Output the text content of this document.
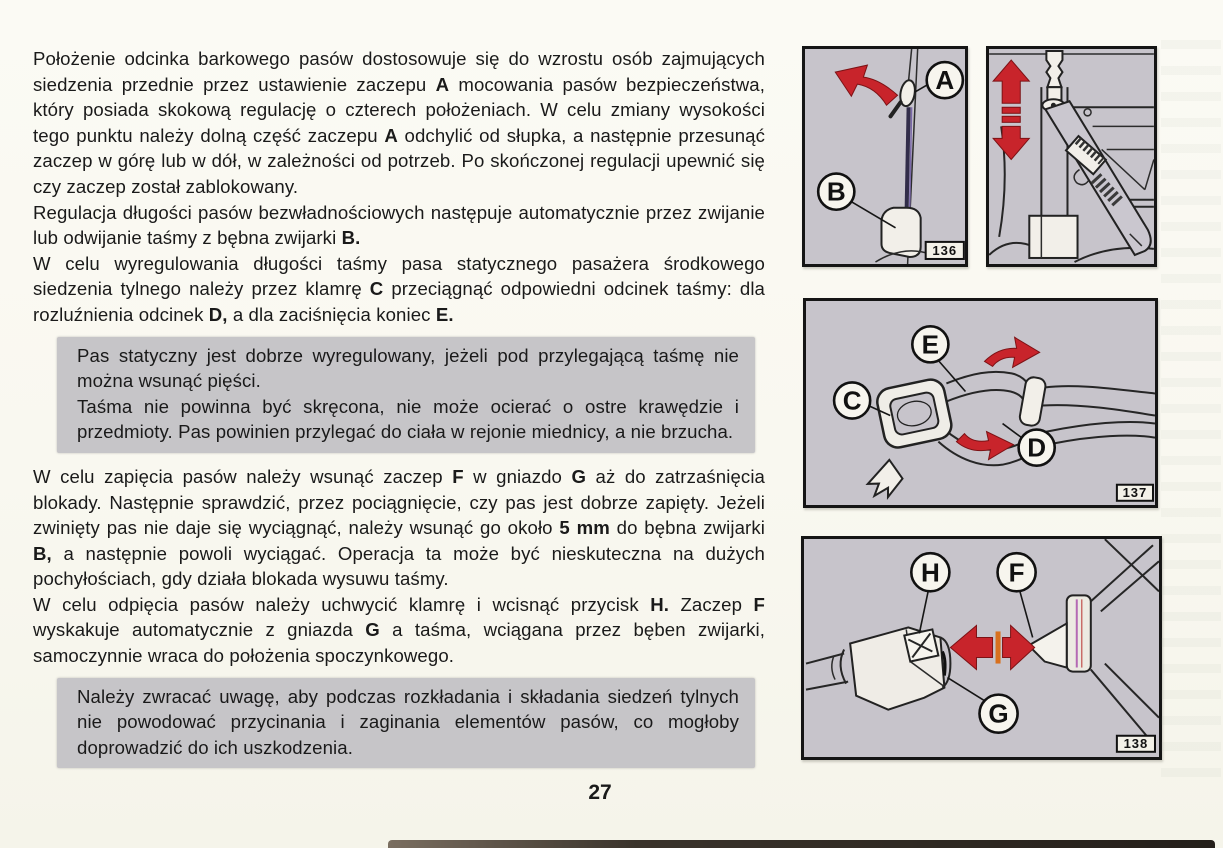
Położenie odcinka barkowego pasów dostosowuje się do wzrostu osób zajmujących siedzenia przednie przez ustawienie zaczepu A mocowania pasów bezpieczeństwa, który posiada skokową regulację o czterech położeniach. W celu zmiany wysokości tego punktu należy dolną część zaczepu A odchylić od słupka, a następnie przesunąć zaczep w górę lub w dół, w zależności od potrzeb. Po skończonej regulacji upewnić się czy zaczep został zablokowany.

Regulacja długości pasów bezwładnościowych następuje automatycznie przez zwijanie lub odwijanie taśmy z bębna zwijarki B.

W celu wyregulowania długości taśmy pasa statycznego pasażera środkowego siedzenia tylnego należy przez klamrę C przeciągnąć odpowiedni odcinek taśmy: dla rozluźnienia odcinek D, a dla zaciśnięcia koniec E.

Pas statyczny jest dobrze wyregulowany, jeżeli pod przylegającą taśmę nie można wsunąć pięści.

Taśma nie powinna być skręcona, nie może ocierać o ostre krawędzie i przedmioty. Pas powinien przylegać do ciała w rejonie miednicy, a nie brzucha.

W celu zapięcia pasów należy wsunąć zaczep F w gniazdo G aż do zatrzaśnięcia blokady. Następnie sprawdzić, przez pociągnięcie, czy pas jest dobrze zapięty. Jeżeli zwinięty pas nie daje się wyciągnąć, należy wsunąć go około 5 mm do bębna zwijarki B, a następnie powoli wyciągać. Operacja ta może być nieskuteczna na dużych pochyłościach, gdy działa blokada wysuwu taśmy.

W celu odpięcia pasów należy uchwycić klamrę i wcisnąć przycisk H. Zaczep F wyskakuje automatycznie z gniazda G a taśma, wciągana przez bęben zwijarki, samoczynnie wraca do położenia spoczynkowego.

Należy zwracać uwagę, aby podczas rozkładania i składania siedzeń tylnych nie powodować przycinania i zaginania elementów pasów, co mogłoby doprowadzić do ich uszkodzenia.

A
B
136
E
C
D
137
H	F
G
138
27
